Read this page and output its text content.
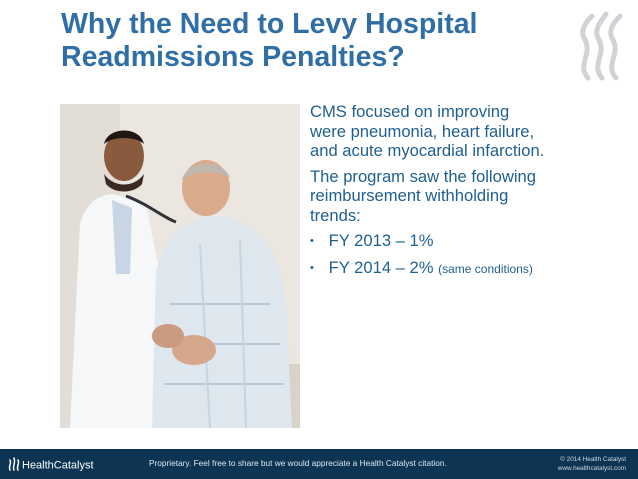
Why the Need to Levy Hospital
Readmissions Penalties?
CMS focused on improving
were pneumonia, heart failure,
and acute myocardial infarction.
The program saw the following
reimbursement withholding
trends:
• FY 2013 – 1%
• FY 2014 – 2% (same conditions)
HealthCatalyst	Proprietary. Feel free to share but we would appreciate a Health Catalyst citation.	© 2014 Health Catalyst
www.healthcatalyst.com
